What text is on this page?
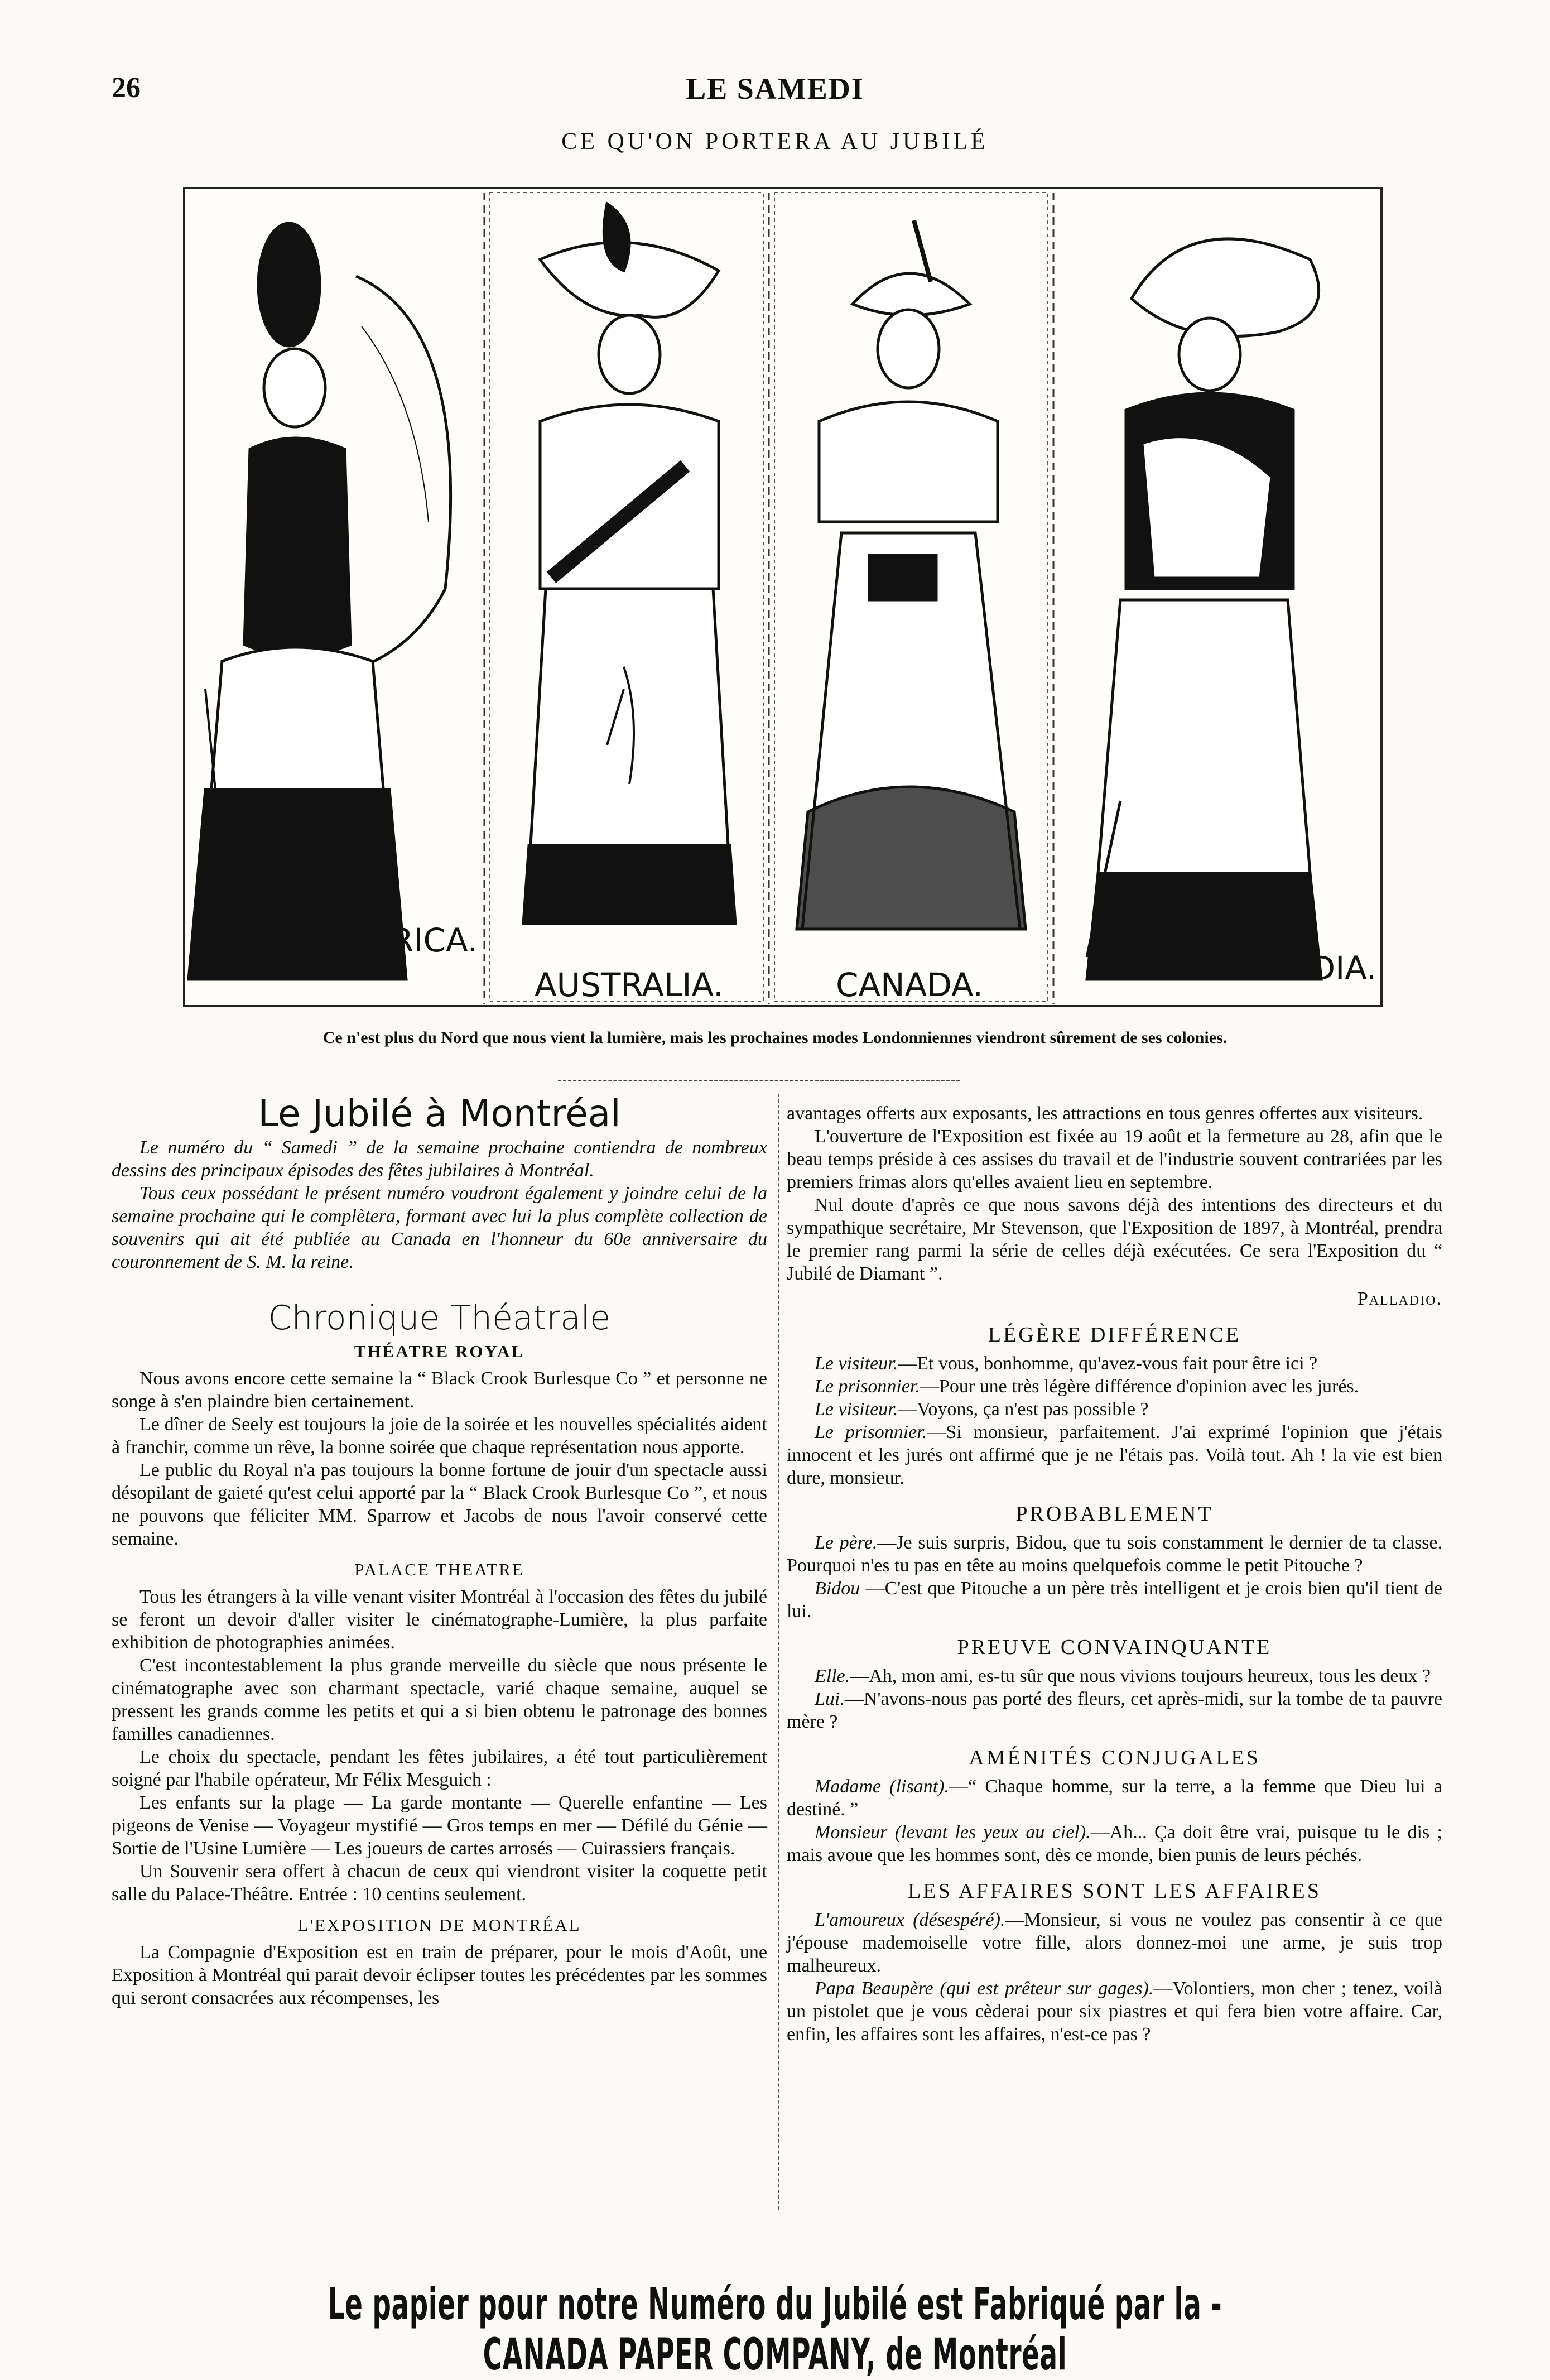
26	LE SAMEDI
CE QU'ON PORTERA AU JUBILÉ
AFRICA.
AUSTRALIA.	CANADA.	INDIA.
Ce n'est plus du Nord que nous vient la lumière, mais les prochaines modes Londonniennes viendront sûrement de ses colonies.
Le Jubilé à Montréal

Le numéro du “ Samedi ” de la semaine prochaine contiendra de nombreux dessins des principaux épisodes des fêtes jubilaires à Montréal.

Tous ceux possédant le présent numéro voudront également y joindre celui de la semaine prochaine qui le complètera, formant avec lui la plus complète collection de souvenirs qui ait été publiée au Canada en l'honneur du 60e anniversaire du couronnement de S. M. la reine.

Chronique Théatrale
THÉATRE ROYAL

Nous avons encore cette semaine la “ Black Crook Burlesque Co ” et personne ne songe à s'en plaindre bien certainement.

Le dîner de Seely est toujours la joie de la soirée et les nouvelles spécialités aident à franchir, comme un rêve, la bonne soirée que chaque représentation nous apporte.

Le public du Royal n'a pas toujours la bonne fortune de jouir d'un spectacle aussi désopilant de gaieté qu'est celui apporté par la “ Black Crook Burlesque Co ”, et nous ne pouvons que féliciter MM. Sparrow et Jacobs de nous l'avoir conservé cette semaine.

PALACE THEATRE

Tous les étrangers à la ville venant visiter Montréal à l'occasion des fêtes du jubilé se feront un devoir d'aller visiter le cinématographe-Lumière, la plus parfaite exhibition de photographies animées.

C'est incontestablement la plus grande merveille du siècle que nous présente le cinématographe avec son charmant spectacle, varié chaque semaine, auquel se pressent les grands comme les petits et qui a si bien obtenu le patronage des bonnes familles canadiennes.

Le choix du spectacle, pendant les fêtes jubilaires, a été tout particulièrement soigné par l'habile opérateur, Mr Félix Mesguich :

Les enfants sur la plage — La garde montante — Querelle enfantine — Les pigeons de Venise — Voyageur mystifié — Gros temps en mer — Défilé du Génie — Sortie de l'Usine Lumière — Les joueurs de cartes arrosés — Cuirassiers français.

Un Souvenir sera offert à chacun de ceux qui viendront visiter la coquette petit salle du Palace-Théâtre. Entrée : 10 centins seulement.

L'EXPOSITION DE MONTRÉAL

La Compagnie d'Exposition est en train de préparer, pour le mois d'Août, une Exposition à Montréal qui parait devoir éclipser toutes les précédentes par les sommes qui seront consacrées aux récompenses, les

avantages offerts aux exposants, les attractions en tous genres offertes aux visiteurs.

L'ouverture de l'Exposition est fixée au 19 août et la fermeture au 28, afin que le beau temps préside à ces assises du travail et de l'industrie souvent contrariées par les premiers frimas alors qu'elles avaient lieu en septembre.

Nul doute d'après ce que nous savons déjà des intentions des directeurs et du sympathique secrétaire, Mr Stevenson, que l'Exposition de 1897, à Montréal, prendra le premier rang parmi la série de celles déjà exécutées. Ce sera l'Exposition du “ Jubilé de Diamant ”.

Palladio.
LÉGÈRE DIFFÉRENCE

Le visiteur.—Et vous, bonhomme, qu'avez-vous fait pour être ici ?

Le prisonnier.—Pour une très légère différence d'opinion avec les jurés.

Le visiteur.—Voyons, ça n'est pas possible ?

Le prisonnier.—Si monsieur, parfaitement. J'ai exprimé l'opinion que j'étais innocent et les jurés ont affirmé que je ne l'étais pas. Voilà tout. Ah ! la vie est bien dure, monsieur.

PROBABLEMENT

Le père.—Je suis surpris, Bidou, que tu sois constamment le dernier de ta classe. Pourquoi n'es tu pas en tête au moins quelquefois comme le petit Pitouche ?

Bidou —C'est que Pitouche a un père très intelligent et je crois bien qu'il tient de lui.

PREUVE CONVAINQUANTE

Elle.—Ah, mon ami, es-tu sûr que nous vivions toujours heureux, tous les deux ?

Lui.—N'avons-nous pas porté des fleurs, cet après-midi, sur la tombe de ta pauvre mère ?

AMÉNITÉS CONJUGALES

Madame (lisant).—“ Chaque homme, sur la terre, a la femme que Dieu lui a destiné. ”

Monsieur (levant les yeux au ciel).—Ah... Ça doit être vrai, puisque tu le dis ; mais avoue que les hommes sont, dès ce monde, bien punis de leurs péchés.

LES AFFAIRES SONT LES AFFAIRES

L'amoureux (désespéré).—Monsieur, si vous ne voulez pas consentir à ce que j'épouse mademoiselle votre fille, alors donnez-moi une arme, je suis trop malheureux.

Papa Beaupère (qui est prêteur sur gages).—Volontiers, mon cher ; tenez, voilà un pistolet que je vous cèderai pour six piastres et qui fera bien votre affaire. Car, enfin, les affaires sont les affaires, n'est-ce pas ?

Le papier pour notre Numéro du Jubilé est Fabriqué par la - CANADA PAPER COMPANY, de Montréal
